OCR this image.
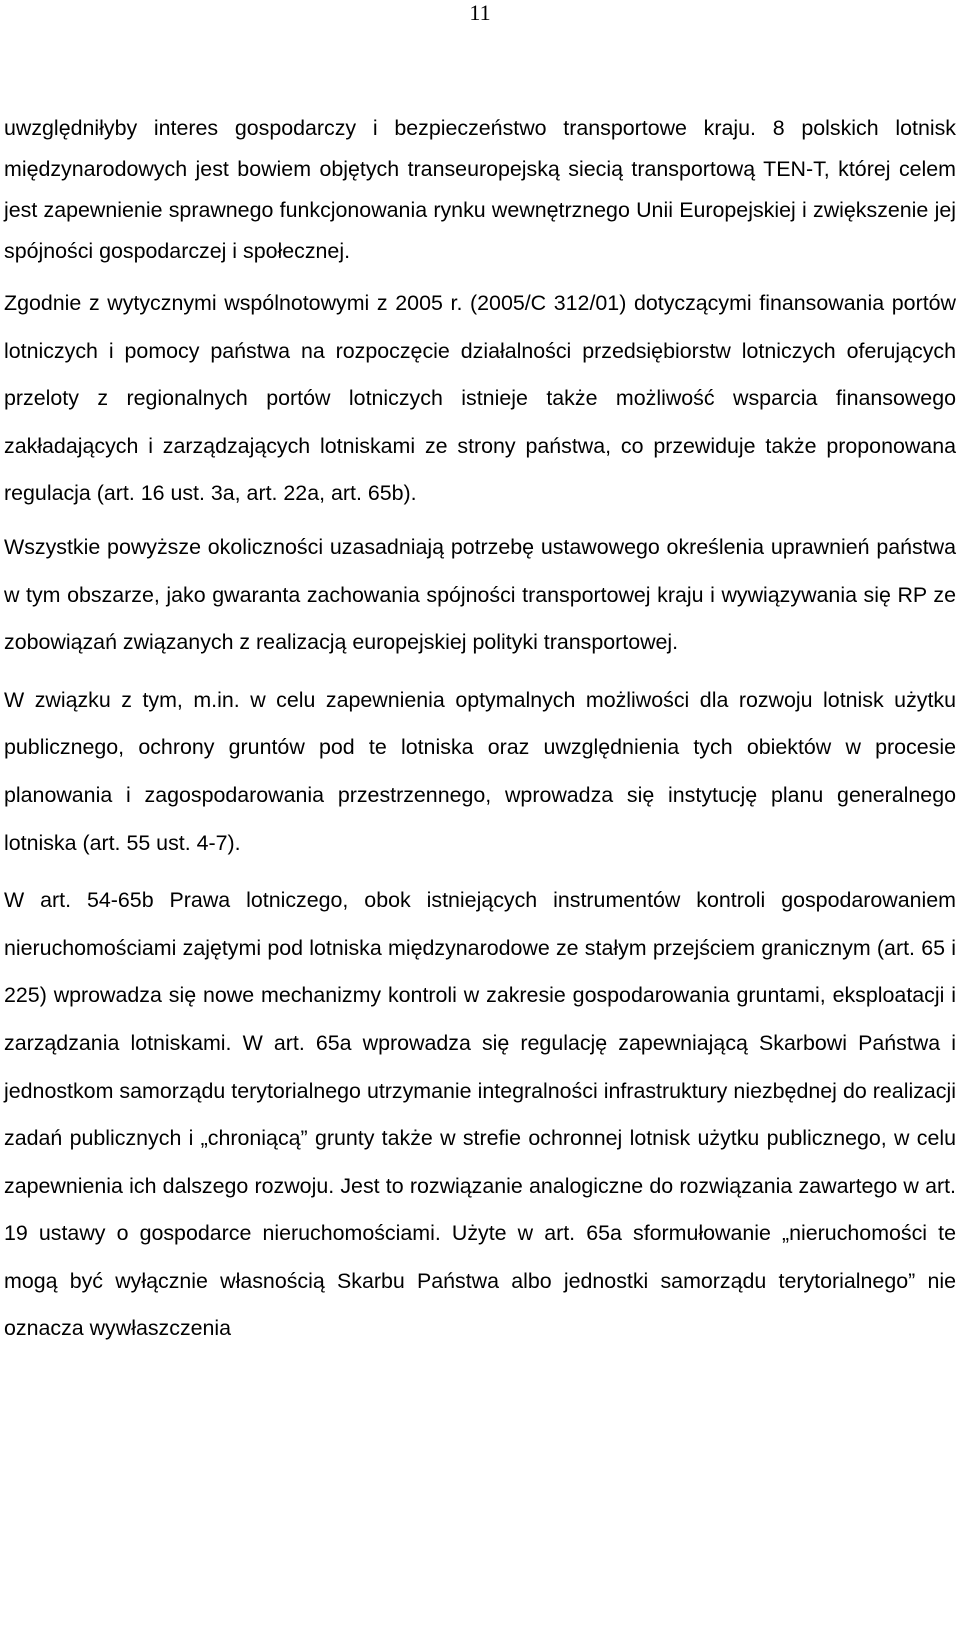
11

uwzględniłyby interes gospodarczy i bezpieczeństwo transportowe kraju. 8 polskich lotnisk międzynarodowych jest bowiem objętych transeuropejską siecią transportową TEN-T, której celem jest zapewnienie sprawnego funkcjonowania rynku wewnętrznego Unii Europejskiej i zwiększenie jej spójności gospodarczej i społecznej.

Zgodnie z wytycznymi wspólnotowymi z 2005 r. (2005/C 312/01) dotyczącymi finansowania portów lotniczych i pomocy państwa na rozpoczęcie działalności przedsiębiorstw lotniczych oferujących przeloty z regionalnych portów lotniczych istnieje także możliwość wsparcia finansowego zakładających i zarządzających lotniskami ze strony państwa, co przewiduje także proponowana regulacja (art. 16 ust. 3a, art. 22a, art. 65b).

Wszystkie powyższe okoliczności uzasadniają potrzebę ustawowego określenia uprawnień państwa w tym obszarze, jako gwaranta zachowania spójności transportowej kraju i wywiązywania się RP ze zobowiązań związanych z realizacją europejskiej polityki transportowej.

W związku z tym, m.in. w celu zapewnienia optymalnych możliwości dla rozwoju lotnisk użytku publicznego, ochrony gruntów pod te lotniska oraz uwzględnienia tych obiektów w procesie planowania i zagospodarowania przestrzennego, wprowadza się instytucję planu generalnego lotniska (art. 55 ust. 4-7).

W art. 54-65b Prawa lotniczego, obok istniejących instrumentów kontroli gospodarowaniem nieruchomościami zajętymi pod lotniska międzynarodowe ze stałym przejściem granicznym (art. 65 i 225) wprowadza się nowe mechanizmy kontroli w zakresie gospodarowania gruntami, eksploatacji i zarządzania lotniskami. W art. 65a wprowadza się regulację zapewniającą Skarbowi Państwa i jednostkom samorządu terytorialnego utrzymanie integralności infrastruktury niezbędnej do realizacji zadań publicznych i „chroniącą” grunty także w strefie ochronnej lotnisk użytku publicznego, w celu zapewnienia ich dalszego rozwoju. Jest to rozwiązanie analogiczne do rozwiązania zawartego w art. 19 ustawy o gospodarce nieruchomościami. Użyte w art. 65a sformułowanie „nieruchomości te mogą być wyłącznie własnością Skarbu Państwa albo jednostki samorządu terytorialnego” nie oznacza wywłaszczenia
